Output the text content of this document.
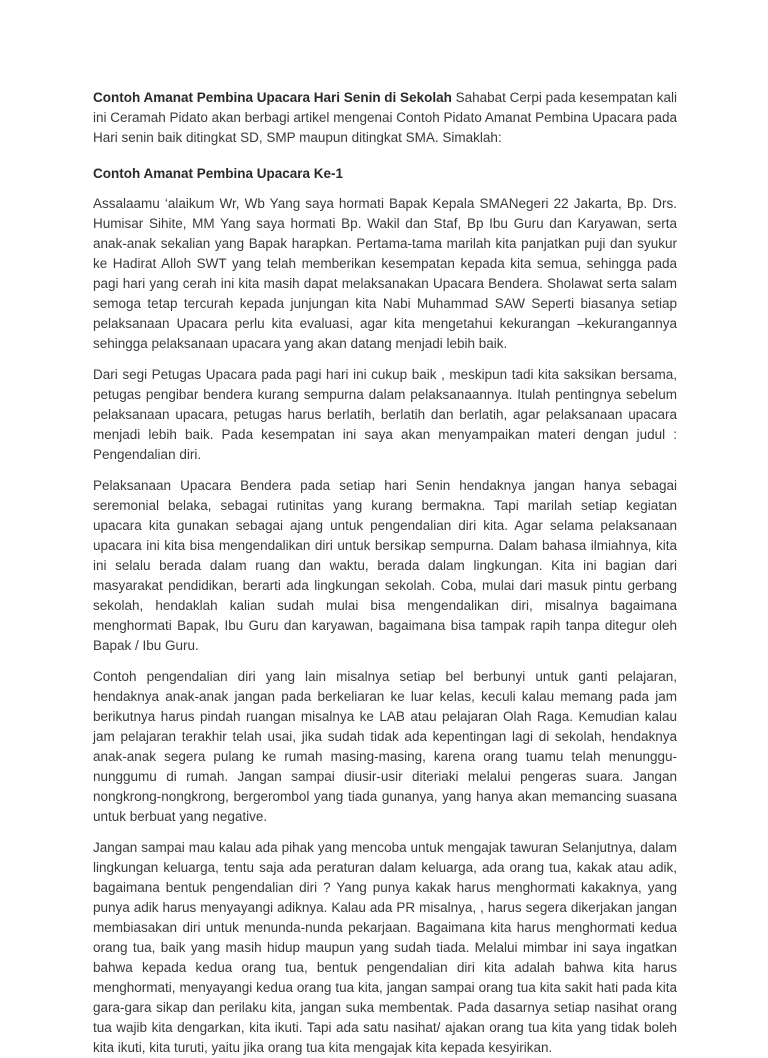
Contoh Amanat Pembina Upacara Hari Senin di Sekolah Sahabat Cerpi pada kesempatan kali ini Ceramah Pidato akan berbagi artikel mengenai Contoh Pidato Amanat Pembina Upacara pada Hari senin baik ditingkat SD, SMP maupun ditingkat SMA. Simaklah:

Contoh Amanat Pembina Upacara Ke-1

Assalaamu ‘alaikum Wr, Wb Yang saya hormati Bapak Kepala SMANegeri 22 Jakarta, Bp. Drs. Humisar Sihite, MM Yang saya hormati Bp. Wakil dan Staf, Bp Ibu Guru dan Karyawan, serta anak-anak sekalian yang Bapak harapkan. Pertama-tama marilah kita panjatkan puji dan syukur ke Hadirat Alloh SWT yang telah memberikan kesempatan kepada kita semua, sehingga pada pagi hari yang cerah ini kita masih dapat melaksanakan Upacara Bendera. Sholawat serta salam semoga tetap tercurah kepada junjungan kita Nabi Muhammad SAW Seperti biasanya setiap pelaksanaan Upacara perlu kita evaluasi, agar kita mengetahui kekurangan –kekurangannya sehingga pelaksanaan upacara yang akan datang menjadi lebih baik.

Dari segi Petugas Upacara pada pagi hari ini cukup baik , meskipun tadi kita saksikan bersama, petugas pengibar bendera kurang sempurna dalam pelaksanaannya. Itulah pentingnya sebelum pelaksanaan upacara, petugas harus berlatih, berlatih dan berlatih, agar pelaksanaan upacara menjadi lebih baik. Pada kesempatan ini saya akan menyampaikan materi dengan judul : Pengendalian diri.

Pelaksanaan Upacara Bendera pada setiap hari Senin hendaknya jangan hanya sebagai seremonial belaka, sebagai rutinitas yang kurang bermakna. Tapi marilah setiap kegiatan upacara kita gunakan sebagai ajang untuk pengendalian diri kita. Agar selama pelaksanaan upacara ini kita bisa mengendalikan diri untuk bersikap sempurna. Dalam bahasa ilmiahnya, kita ini selalu berada dalam ruang dan waktu, berada dalam lingkungan. Kita ini bagian dari masyarakat pendidikan, berarti ada lingkungan sekolah. Coba, mulai dari masuk pintu gerbang sekolah, hendaklah kalian sudah mulai bisa mengendalikan diri, misalnya bagaimana menghormati Bapak, Ibu Guru dan karyawan, bagaimana bisa tampak rapih tanpa ditegur oleh Bapak / Ibu Guru.

Contoh pengendalian diri yang lain misalnya setiap bel berbunyi untuk ganti pelajaran, hendaknya anak-anak jangan pada berkeliaran ke luar kelas, keculi kalau memang pada jam berikutnya harus pindah ruangan misalnya ke LAB atau pelajaran Olah Raga. Kemudian kalau jam pelajaran terakhir telah usai, jika sudah tidak ada kepentingan lagi di sekolah, hendaknya anak-anak segera pulang ke rumah masing-masing, karena orang tuamu telah menunggu-nunggumu di rumah. Jangan sampai diusir-usir diteriaki melalui pengeras suara. Jangan nongkrong-nongkrong, bergerombol yang tiada gunanya, yang hanya akan memancing suasana untuk berbuat yang negative.

Jangan sampai mau kalau ada pihak yang mencoba untuk mengajak tawuran Selanjutnya, dalam lingkungan keluarga, tentu saja ada peraturan dalam keluarga, ada orang tua, kakak atau adik, bagaimana bentuk pengendalian diri ? Yang punya kakak harus menghormati kakaknya, yang punya adik harus menyayangi adiknya. Kalau ada PR misalnya, , harus segera dikerjakan jangan membiasakan diri untuk menunda-nunda pekarjaan. Bagaimana kita harus menghormati kedua orang tua, baik yang masih hidup maupun yang sudah tiada. Melalui mimbar ini saya ingatkan bahwa kepada kedua orang tua, bentuk pengendalian diri kita adalah bahwa kita harus menghormati, menyayangi kedua orang tua kita, jangan sampai orang tua kita sakit hati pada kita gara-gara sikap dan perilaku kita, jangan suka membentak. Pada dasarnya setiap nasihat orang tua wajib kita dengarkan, kita ikuti. Tapi ada satu nasihat/ ajakan orang tua kita yang tidak boleh kita ikuti, kita turuti, yaitu jika orang tua kita mengajak kita kepada kesyirikan.
